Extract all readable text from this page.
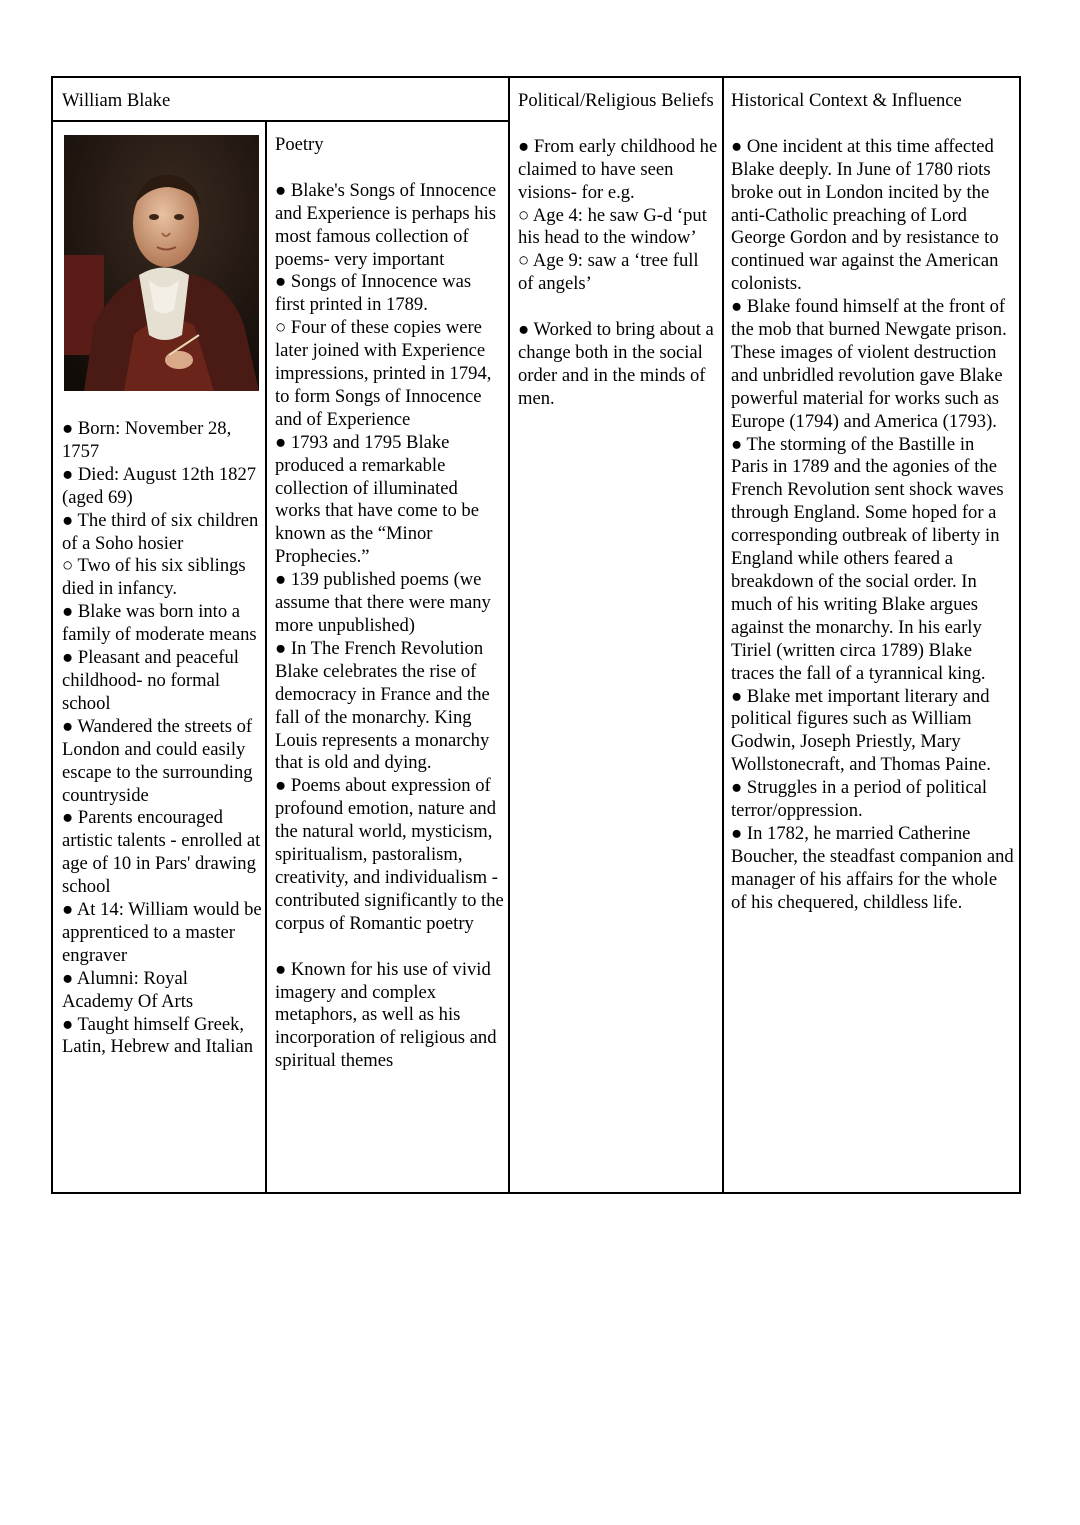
William Blake

● Born: November 28, 1757

● Died: August 12th 1827 (aged 69)

● The third of six children of a Soho hosier

○ Two of his six siblings died in infancy.

● Blake was born into a family of moderate means

● Pleasant and peaceful childhood- no formal school

● Wandered the streets of London and could easily escape to the surrounding countryside

● Parents encouraged artistic talents - enrolled at age of 10 in Pars' drawing school

● At 14: William would be apprenticed to a master engraver

● Alumni: Royal Academy Of Arts

● Taught himself Greek, Latin, Hebrew and Italian

Poetry

● Blake's Songs of Innocence and Experience is perhaps his most famous collection of poems- very important

● Songs of Innocence was first printed in 1789.

○ Four of these copies were later joined with Experience impressions, printed in 1794, to form Songs of Innocence and of Experience

● 1793 and 1795 Blake produced a remarkable collection of illuminated works that have come to be known as the “Minor Prophecies.”

● 139 published poems (we assume that there were many more unpublished)

● In The French Revolution Blake celebrates the rise of democracy in France and the fall of the monarchy. King Louis represents a monarchy that is old and dying.

● Poems about expression of profound emotion, nature and the natural world, mysticism, spiritualism, pastoralism, creativity, and individualism - contributed significantly to the corpus of Romantic poetry

● Known for his use of vivid imagery and complex metaphors, as well as his incorporation of religious and spiritual themes

Political/Religious Beliefs

● From early childhood he claimed to have seen visions- for e.g.

○ Age 4: he saw G-d ‘put his head to the window’

○ Age 9: saw a ‘tree full of angels’

● Worked to bring about a change both in the social order and in the minds of men.

Historical Context & Influence

● One incident at this time affected Blake deeply. In June of 1780 riots broke out in London incited by the anti-Catholic preaching of Lord George Gordon and by resistance to continued war against the American colonists.

● Blake found himself at the front of the mob that burned Newgate prison. These images of violent destruction and unbridled revolution gave Blake powerful material for works such as Europe (1794) and America (1793).

● The storming of the Bastille in Paris in 1789 and the agonies of the French Revolution sent shock waves through England. Some hoped for a corresponding outbreak of liberty in England while others feared a breakdown of the social order. In much of his writing Blake argues against the monarchy. In his early Tiriel (written circa 1789) Blake traces the fall of a tyrannical king.

● Blake met important literary and political figures such as William Godwin, Joseph Priestly, Mary Wollstonecraft, and Thomas Paine.

● Struggles in a period of political terror/oppression.

● In 1782, he married Catherine Boucher, the steadfast companion and manager of his affairs for the whole of his chequered, childless life.
